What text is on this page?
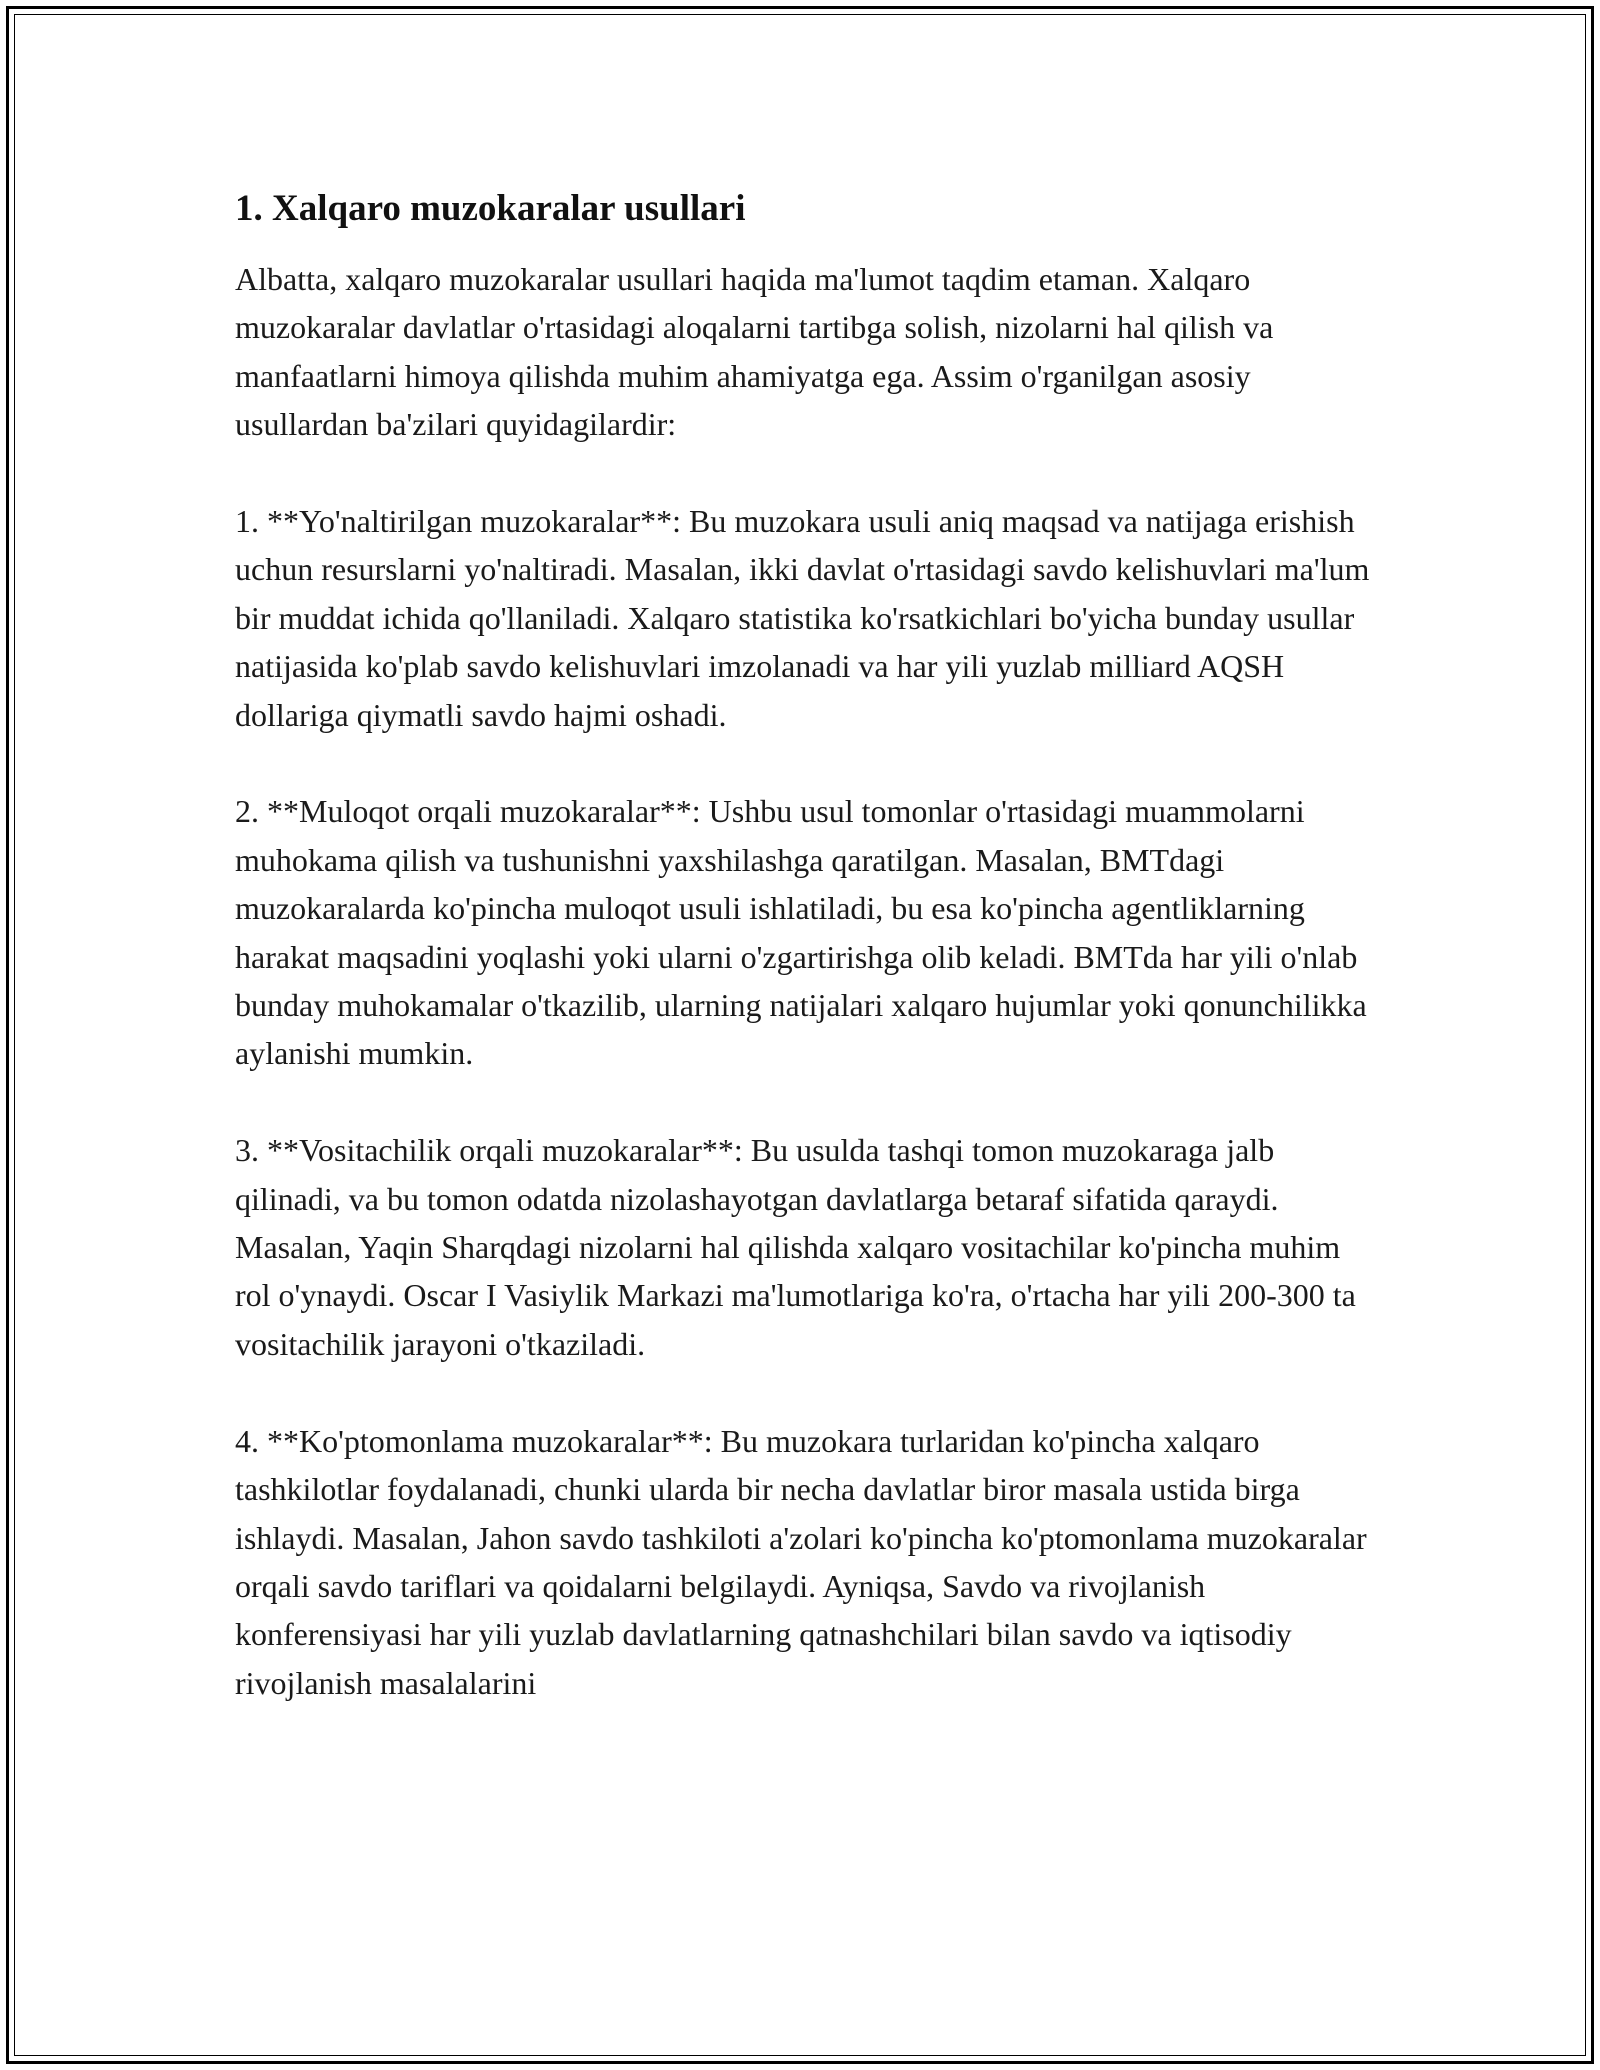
1. Xalqaro muzokaralar usullari

Albatta, xalqaro muzokaralar usullari haqida ma'lumot taqdim etaman. Xalqaro muzokaralar davlatlar o'rtasidagi aloqalarni tartibga solish, nizolarni hal qilish va manfaatlarni himoya qilishda muhim ahamiyatga ega. Assim o'rganilgan asosiy usullardan ba'zilari quyidagilardir:

1. **Yo'naltirilgan muzokaralar**: Bu muzokara usuli aniq maqsad va natijaga erishish uchun resurslarni yo'naltiradi. Masalan, ikki davlat o'rtasidagi savdo kelishuvlari ma'lum bir muddat ichida qo'llaniladi. Xalqaro statistika ko'rsatkichlari bo'yicha bunday usullar natijasida ko'plab savdo kelishuvlari imzolanadi va har yili yuzlab milliard AQSH dollariga qiymatli savdo hajmi oshadi.

2. **Muloqot orqali muzokaralar**: Ushbu usul tomonlar o'rtasidagi muammolarni muhokama qilish va tushunishni yaxshilashga qaratilgan. Masalan, BMTdagi muzokaralarda ko'pincha muloqot usuli ishlatiladi, bu esa ko'pincha agentliklarning harakat maqsadini yoqlashi yoki ularni o'zgartirishga olib keladi. BMTda har yili o'nlab bunday muhokamalar o'tkazilib, ularning natijalari xalqaro hujumlar yoki qonunchilikka aylanishi mumkin.

3. **Vositachilik orqali muzokaralar**: Bu usulda tashqi tomon muzokaraga jalb qilinadi, va bu tomon odatda nizolashayotgan davlatlarga betaraf sifatida qaraydi. Masalan, Yaqin Sharqdagi nizolarni hal qilishda xalqaro vositachilar ko'pincha muhim rol o'ynaydi. Oscar I Vasiylik Markazi ma'lumotlariga ko'ra, o'rtacha har yili 200-300 ta vositachilik jarayoni o'tkaziladi.

4. **Ko'ptomonlama muzokaralar**: Bu muzokara turlaridan ko'pincha xalqaro tashkilotlar foydalanadi, chunki ularda bir necha davlatlar biror masala ustida birga ishlaydi. Masalan, Jahon savdo tashkiloti a'zolari ko'pincha ko'ptomonlama muzokaralar orqali savdo tariflari va qoidalarni belgilaydi. Ayniqsa, Savdo va rivojlanish konferensiyasi har yili yuzlab davlatlarning qatnashchilari bilan savdo va iqtisodiy rivojlanish masalalarini
